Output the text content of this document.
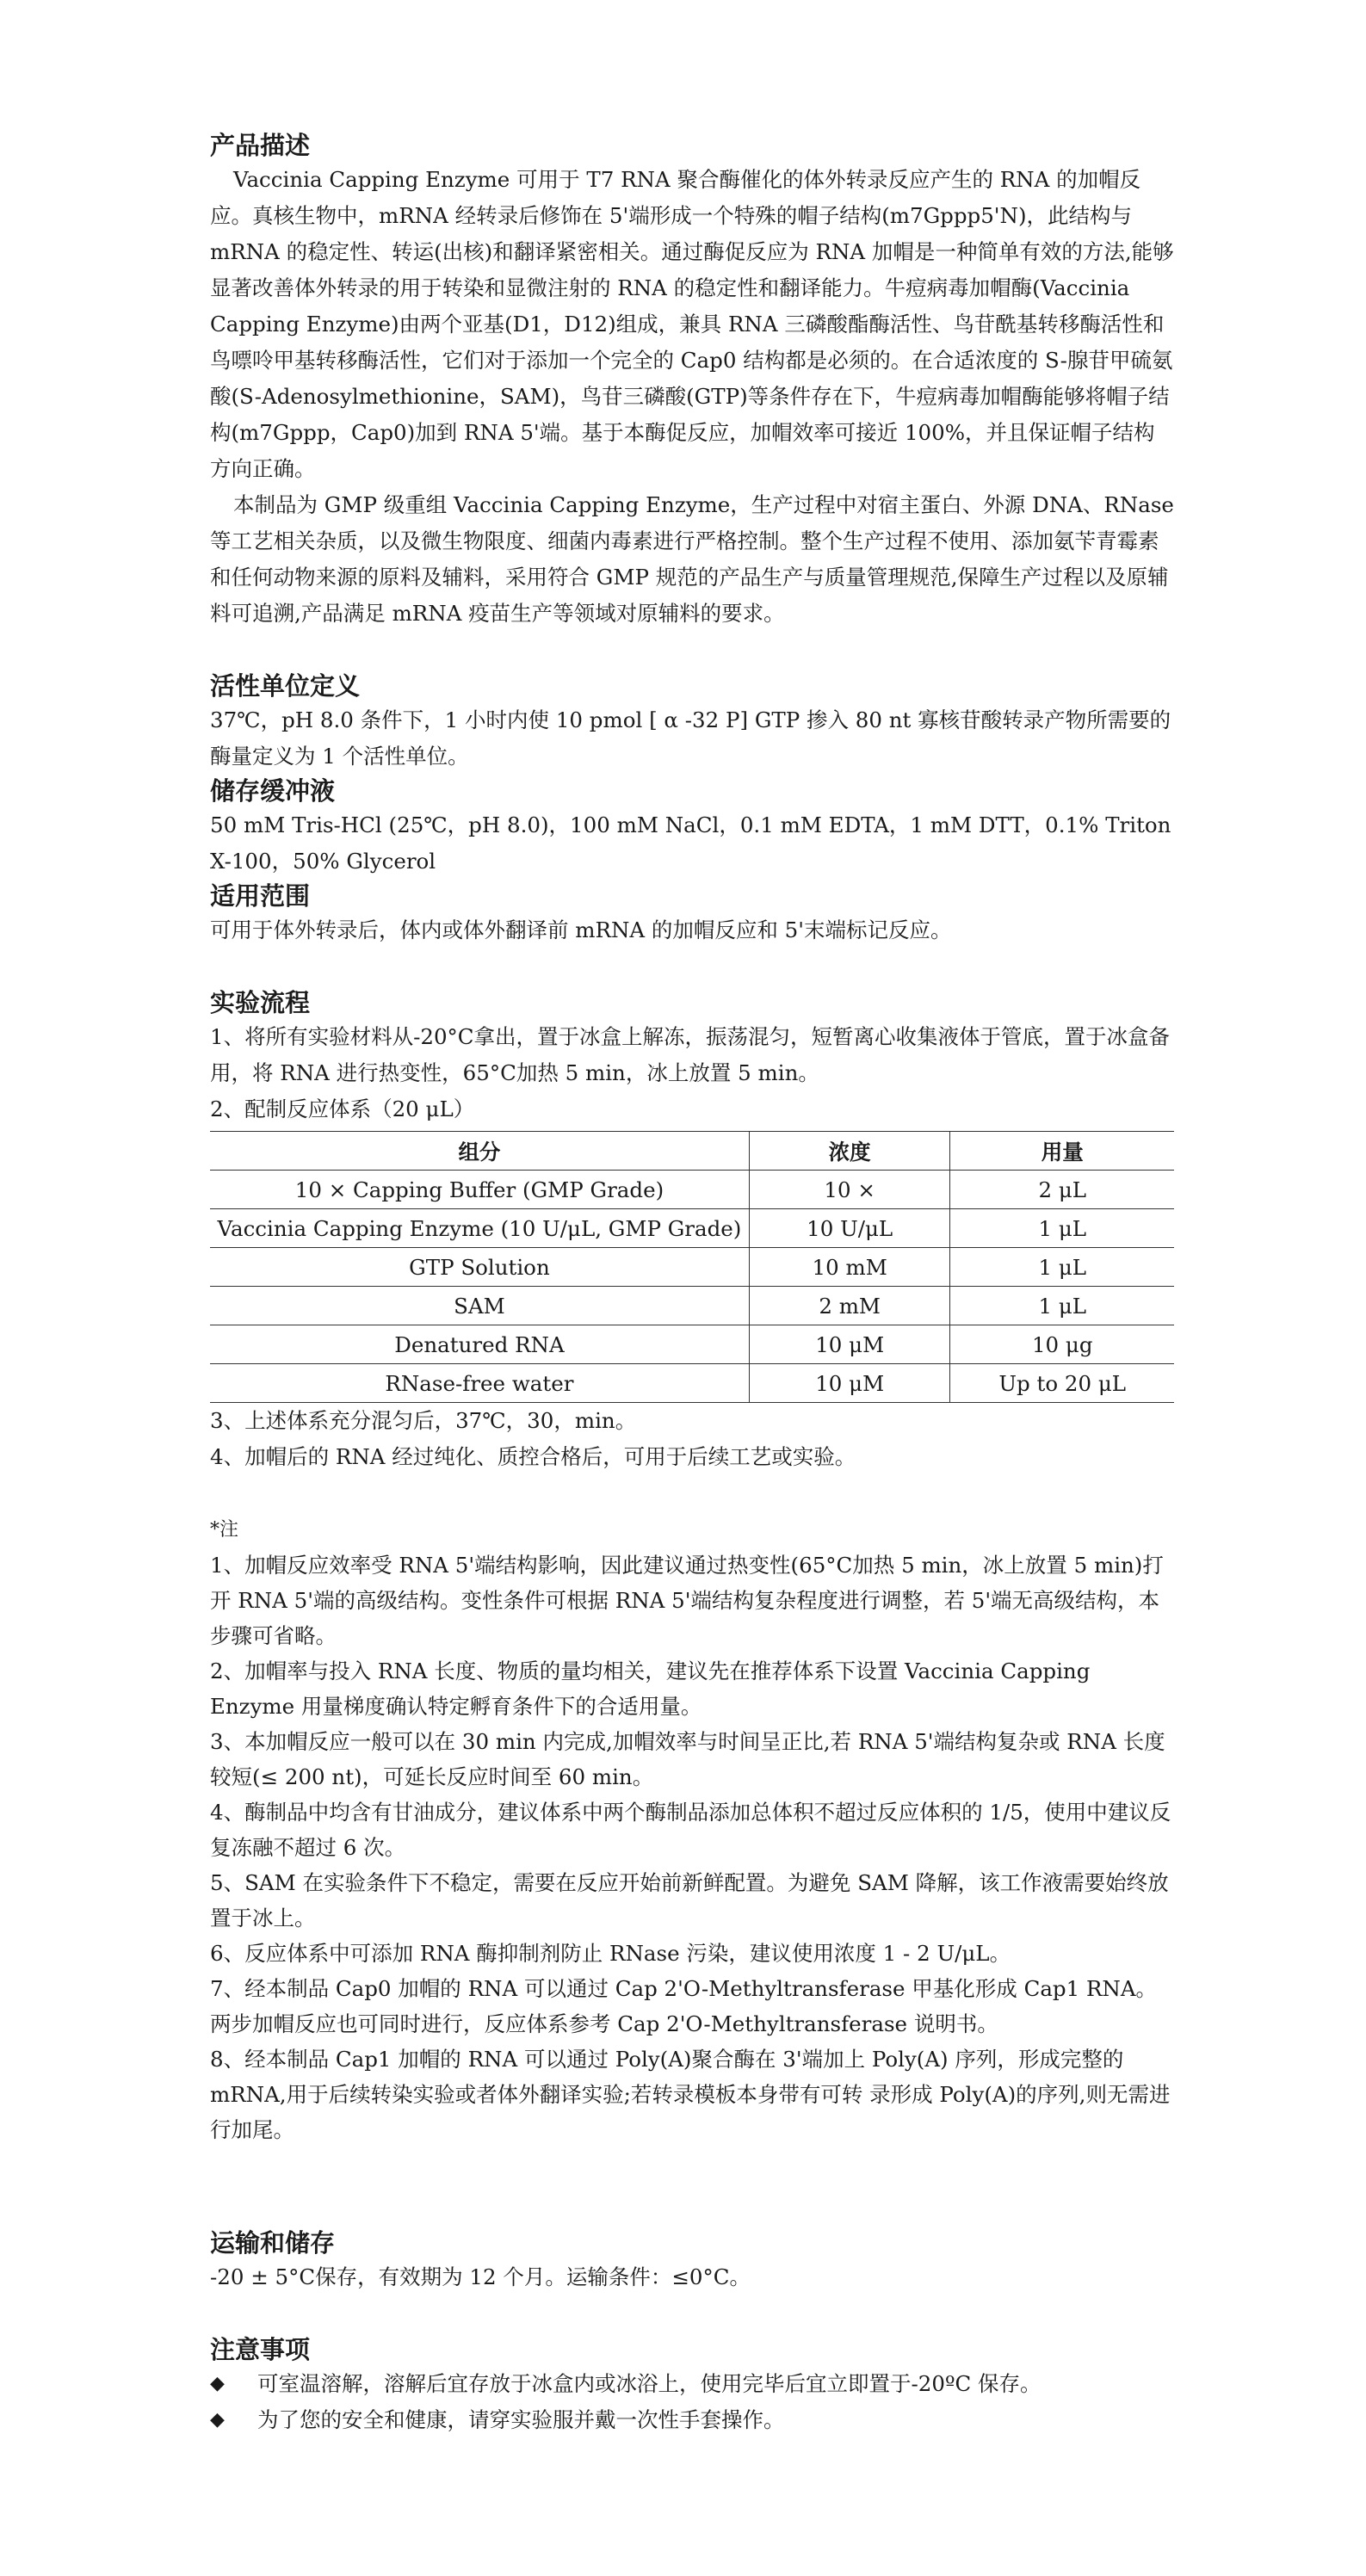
产品描述

Vaccinia Capping Enzyme 可用于 T7 RNA 聚合酶催化的体外转录反应产生的 RNA 的加帽反应。真核生物中，mRNA 经转录后修饰在 5'端形成一个特殊的帽子结构(m7Gppp5'N)，此结构与 mRNA 的稳定性、转运(出核)和翻译紧密相关。通过酶促反应为 RNA 加帽是一种简单有效的方法,能够显著改善体外转录的用于转染和显微注射的 RNA 的稳定性和翻译能力。牛痘病毒加帽酶(Vaccinia Capping Enzyme)由两个亚基(D1，D12)组成，兼具 RNA 三磷酸酯酶活性、鸟苷酰基转移酶活性和鸟嘌呤甲基转移酶活性，它们对于添加一个完全的 Cap0 结构都是必须的。在合适浓度的 S-腺苷甲硫氨酸(S-Adenosylmethionine，SAM)，鸟苷三磷酸(GTP)等条件存在下，牛痘病毒加帽酶能够将帽子结构(m7Gppp，Cap0)加到 RNA 5'端。基于本酶促反应，加帽效率可接近 100%，并且保证帽子结构方向正确。

本制品为 GMP 级重组 Vaccinia Capping Enzyme，生产过程中对宿主蛋白、外源 DNA、RNase 等工艺相关杂质，以及微生物限度、细菌内毒素进行严格控制。整个生产过程不使用、添加氨苄青霉素和任何动物来源的原料及辅料，采用符合 GMP 规范的产品生产与质量管理规范,保障生产过程以及原辅料可追溯,产品满足 mRNA 疫苗生产等领域对原辅料的要求。

活性单位定义

37℃，pH 8.0 条件下，1 小时内使 10 pmol [ α -32 P] GTP 掺入 80 nt 寡核苷酸转录产物所需要的酶量定义为 1 个活性单位。

储存缓冲液

50 mM Tris-HCl (25℃，pH 8.0)，100 mM NaCl，0.1 mM EDTA，1 mM DTT，0.1% Triton X-100，50% Glycerol

适用范围

可用于体外转录后，体内或体外翻译前 mRNA 的加帽反应和 5'末端标记反应。

实验流程

1、将所有实验材料从-20°C拿出，置于冰盒上解冻，振荡混匀，短暂离心收集液体于管底，置于冰盒备用，将 RNA 进行热变性，65°C加热 5 min，冰上放置 5 min。

2、配制反应体系（20 μL）

组分	浓度	用量
10 × Capping Buffer (GMP Grade)	10 ×	2 μL
Vaccinia Capping Enzyme (10 U/μL, GMP Grade)	10 U/μL	1 μL
GTP Solution	10 mM	1 μL
SAM	2 mM	1 μL
Denatured RNA	10 μM	10 μg
RNase-free water	10 μM	Up to 20 μL

3、上述体系充分混匀后，37℃，30，min。

4、加帽后的 RNA 经过纯化、质控合格后，可用于后续工艺或实验。

*注

1、加帽反应效率受 RNA 5'端结构影响，因此建议通过热变性(65°C加热 5 min，冰上放置 5 min)打开 RNA 5'端的高级结构。变性条件可根据 RNA 5'端结构复杂程度进行调整，若 5'端无高级结构，本步骤可省略。

2、加帽率与投入 RNA 长度、物质的量均相关，建议先在推荐体系下设置 Vaccinia Capping Enzyme 用量梯度确认特定孵育条件下的合适用量。

3、本加帽反应一般可以在 30 min 内完成,加帽效率与时间呈正比,若 RNA 5'端结构复杂或 RNA 长度较短(≤ 200 nt)，可延长反应时间至 60 min。

4、酶制品中均含有甘油成分，建议体系中两个酶制品添加总体积不超过反应体积的 1/5，使用中建议反复冻融不超过 6 次。

5、SAM 在实验条件下不稳定，需要在反应开始前新鲜配置。为避免 SAM 降解，该工作液需要始终放置于冰上。

6、反应体系中可添加 RNA 酶抑制剂防止 RNase 污染，建议使用浓度 1 - 2 U/μL。

7、经本制品 Cap0 加帽的 RNA 可以通过 Cap 2'O-Methyltransferase 甲基化形成 Cap1 RNA。两步加帽反应也可同时进行，反应体系参考 Cap 2'O-Methyltransferase 说明书。

8、经本制品 Cap1 加帽的 RNA 可以通过 Poly(A)聚合酶在 3'端加上 Poly(A) 序列，形成完整的 mRNA,用于后续转染实验或者体外翻译实验;若转录模板本身带有可转 录形成 Poly(A)的序列,则无需进行加尾。

运输和储存

-20 ± 5°C保存，有效期为 12 个月。运输条件：≤0°C。

注意事项
◆	可室温溶解，溶解后宜存放于冰盒内或冰浴上，使用完毕后宜立即置于-20ºC 保存。

◆	为了您的安全和健康，请穿实验服并戴一次性手套操作。
